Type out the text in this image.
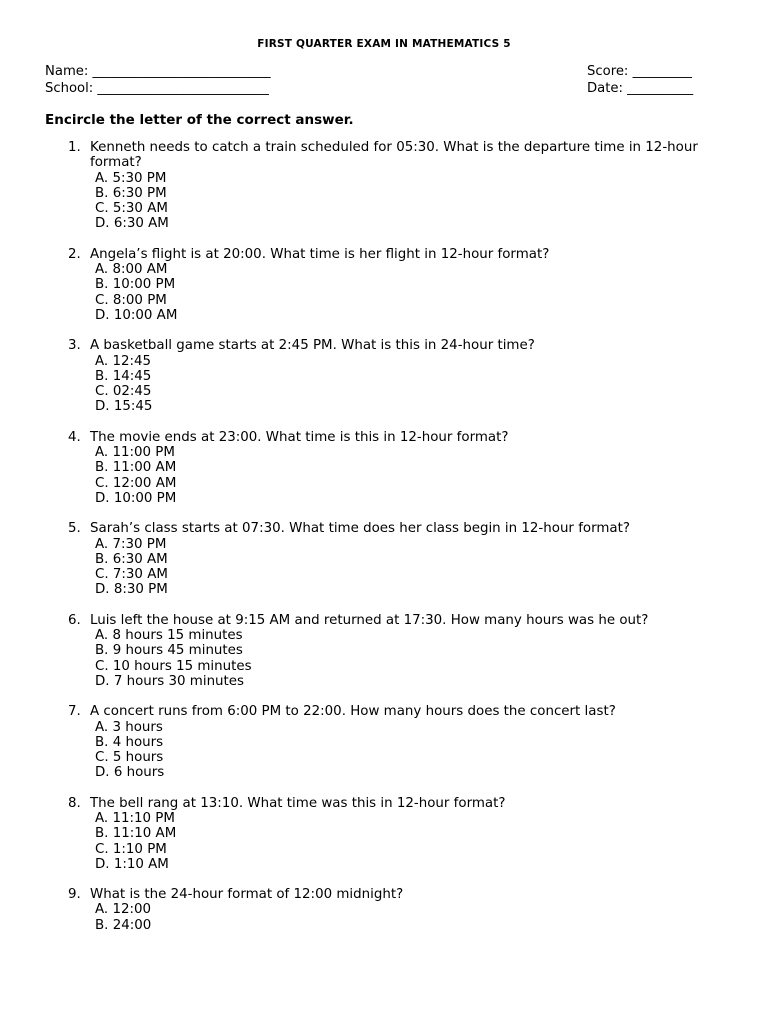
FIRST QUARTER EXAM IN MATHEMATICS 5
Name: ___________________________
School: __________________________
Score: _________
Date: __________
Encircle the letter of the correct answer.
1. Kenneth needs to catch a train scheduled for 05:30. What is the departure time in 12-hour format?
A. 5:30 PM
B. 6:30 PM
C. 5:30 AM
D. 6:30 AM
2. Angela’s flight is at 20:00. What time is her flight in 12-hour format?
A. 8:00 AM
B. 10:00 PM
C. 8:00 PM
D. 10:00 AM
3. A basketball game starts at 2:45 PM. What is this in 24-hour time?
A. 12:45
B. 14:45
C. 02:45
D. 15:45
4. The movie ends at 23:00. What time is this in 12-hour format?
A. 11:00 PM
B. 11:00 AM
C. 12:00 AM
D. 10:00 PM
5. Sarah’s class starts at 07:30. What time does her class begin in 12-hour format?
A. 7:30 PM
B. 6:30 AM
C. 7:30 AM
D. 8:30 PM
6. Luis left the house at 9:15 AM and returned at 17:30. How many hours was he out?
A. 8 hours 15 minutes
B. 9 hours 45 minutes
C. 10 hours 15 minutes
D. 7 hours 30 minutes
7. A concert runs from 6:00 PM to 22:00. How many hours does the concert last?
A. 3 hours
B. 4 hours
C. 5 hours
D. 6 hours
8. The bell rang at 13:10. What time was this in 12-hour format?
A. 11:10 PM
B. 11:10 AM
C. 1:10 PM
D. 1:10 AM
9. What is the 24-hour format of 12:00 midnight?
A. 12:00
B. 24:00
